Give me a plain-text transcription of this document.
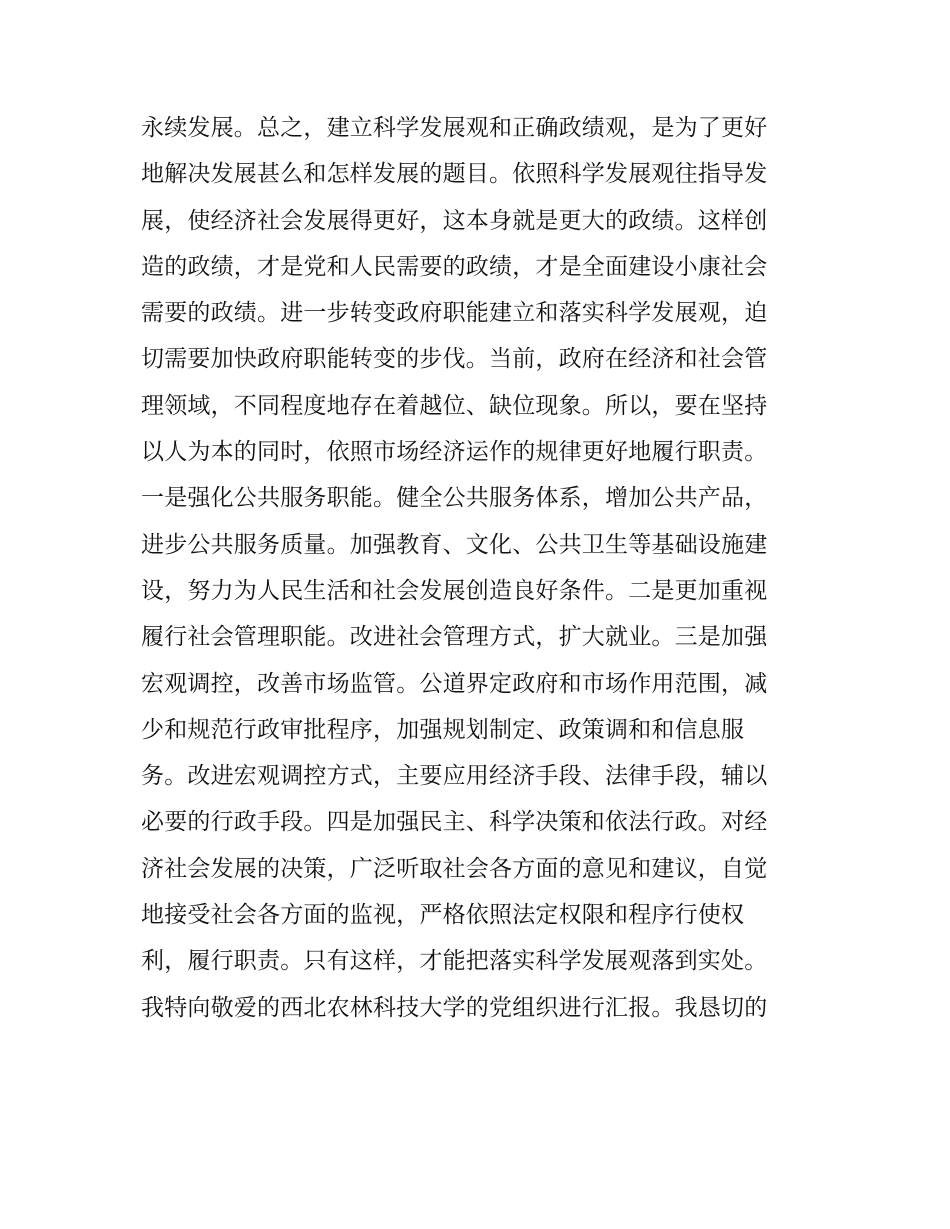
永续发展。总之，建立科学发展观和正确政绩观，是为了更好
地解决发展甚么和怎样发展的题目。依照科学发展观往指导发
展，使经济社会发展得更好，这本身就是更大的政绩。这样创
造的政绩，才是党和人民需要的政绩，才是全面建设小康社会
需要的政绩。进一步转变政府职能建立和落实科学发展观，迫
切需要加快政府职能转变的步伐。当前，政府在经济和社会管
理领域，不同程度地存在着越位、缺位现象。所以，要在坚持
以人为本的同时，依照市场经济运作的规律更好地履行职责。
一是强化公共服务职能。健全公共服务体系，增加公共产品，
进步公共服务质量。加强教育、文化、公共卫生等基础设施建
设，努力为人民生活和社会发展创造良好条件。二是更加重视
履行社会管理职能。改进社会管理方式，扩大就业。三是加强
宏观调控，改善市场监管。公道界定政府和市场作用范围，减
少和规范行政审批程序，加强规划制定、政策调和和信息服
务。改进宏观调控方式，主要应用经济手段、法律手段，辅以
必要的行政手段。四是加强民主、科学决策和依法行政。对经
济社会发展的决策，广泛听取社会各方面的意见和建议，自觉
地接受社会各方面的监视，严格依照法定权限和程序行使权
利，履行职责。只有这样，才能把落实科学发展观落到实处。
我特向敬爱的西北农林科技大学的党组织进行汇报。我恳切的
